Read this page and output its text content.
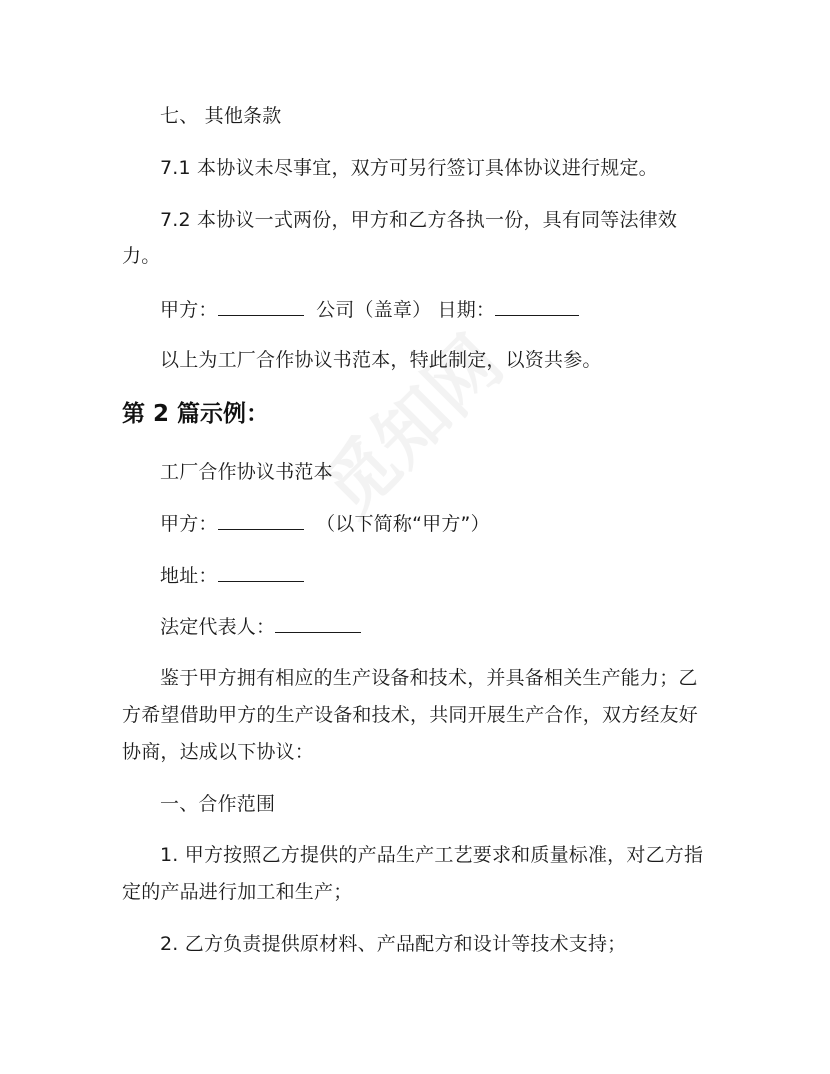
七、 其他条款
7.1 本协议未尽事宜，双方可另行签订具体协议进行规定。
7.2 本协议一式两份，甲方和乙方各执一份，具有同等法律效
力。
甲方：	公司（盖章） 日期：
以上为工厂合作协议书范本，特此制定，以资共参。
第 2 篇示例：
工厂合作协议书范本
甲方：	（以下简称“甲方”）
地址：
法定代表人：
鉴于甲方拥有相应的生产设备和技术，并具备相关生产能力；乙
方希望借助甲方的生产设备和技术，共同开展生产合作，双方经友好
协商，达成以下协议：
一、合作范围
1. 甲方按照乙方提供的产品生产工艺要求和质量标准，对乙方指
定的产品进行加工和生产；
2. 乙方负责提供原材料、产品配方和设计等技术支持；
